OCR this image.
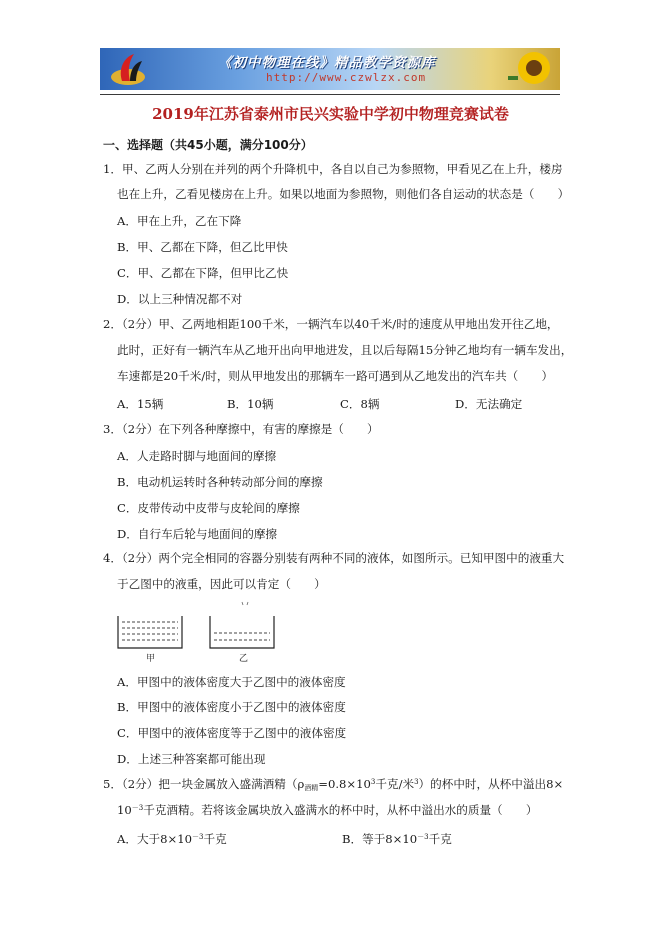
《初中物理在线》精品教学资源库
http://www.czwlzx.com
2019年江苏省泰州市民兴实验中学初中物理竞赛试卷
一、选择题（共45小题，满分100分）
1．甲、乙两人分别在并列的两个升降机中，各自以自己为参照物，甲看见乙在上升，楼房
也在上升，乙看见楼房在上升。如果以地面为参照物，则他们各自运动的状态是（　　）
A．甲在上升，乙在下降
B．甲、乙都在下降，但乙比甲快
C．甲、乙都在下降，但甲比乙快
D．以上三种情况都不对
2．（2分）甲、乙两地相距100千米，一辆汽车以40千米/时的速度从甲地出发开往乙地，
此时，正好有一辆汽车从乙地开出向甲地进发，且以后每隔15分钟乙地均有一辆车发出，
车速都是20千米/时，则从甲地发出的那辆车一路可遇到从乙地发出的汽车共（　　）
A．15辆	B．10辆	C．8辆	D．无法确定
3．（2分）在下列各种摩擦中，有害的摩擦是（　　）
A．人走路时脚与地面间的摩擦
B．电动机运转时各种转动部分间的摩擦
C．皮带传动中皮带与皮轮间的摩擦
D．自行车后轮与地面间的摩擦
4．（2分）两个完全相同的容器分别装有两种不同的液体，如图所示。已知甲图中的液重大
于乙图中的液重，因此可以肯定（　　）
甲	乙
A．甲图中的液体密度大于乙图中的液体密度
B．甲图中的液体密度小于乙图中的液体密度
C．甲图中的液体密度等于乙图中的液体密度
D．上述三种答案都可能出现
5．（2分）把一块金属放入盛满酒精（$\rho_{酒精}=0.8\times 10^3$千克/米$^3$）的杯中时，从杯中溢出8×
$10^{-3}$千克酒精。若将该金属块放入盛满水的杯中时，从杯中溢出水的质量（　　）
A．大于$8\times 10^{-3}$千克	B．等于$8\times 10^{-3}$千克
